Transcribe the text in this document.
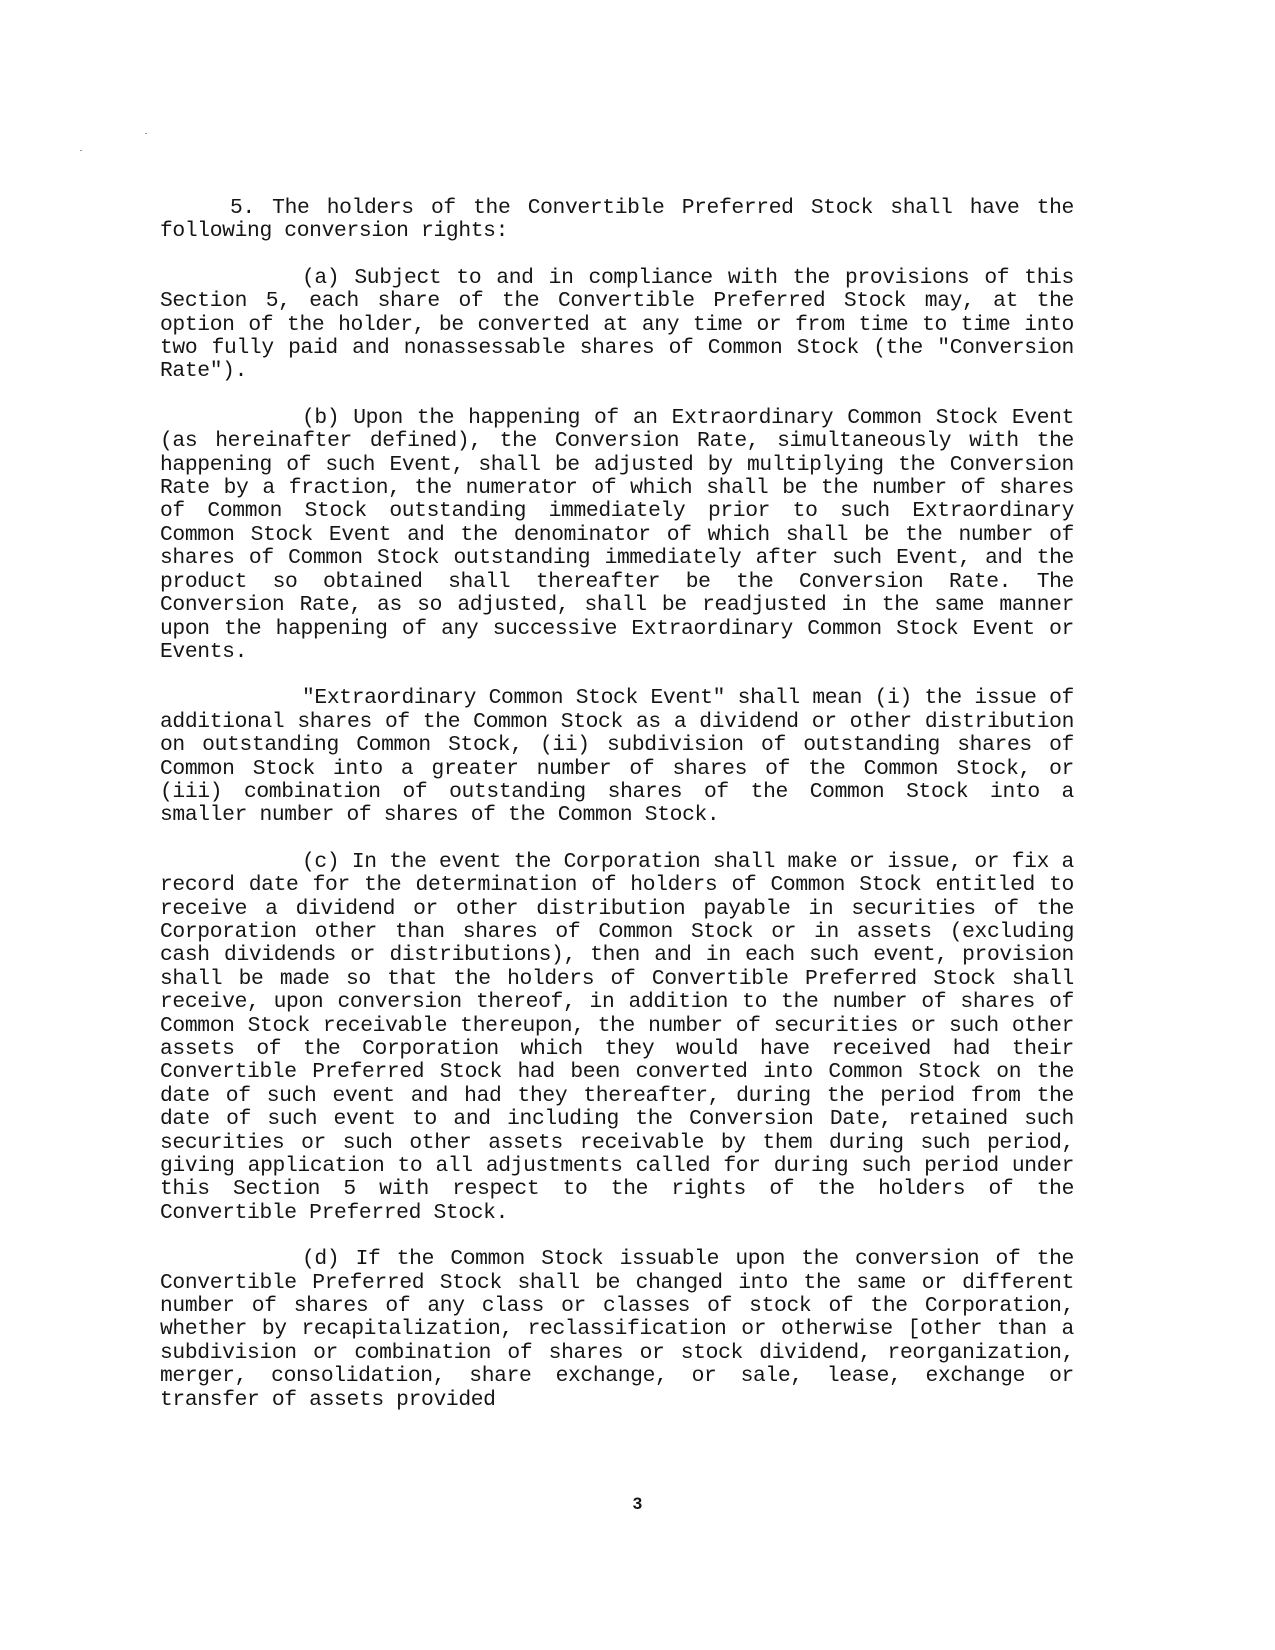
5. The holders of the Convertible Preferred Stock shall have the following conversion rights:

(a) Subject to and in compliance with the provisions of this Section 5, each share of the Convertible Preferred Stock may, at the option of the holder, be converted at any time or from time to time into two fully paid and nonassessable shares of Common Stock (the "Conversion Rate").

(b) Upon the happening of an Extraordinary Common Stock Event (as hereinafter defined), the Conversion Rate, simultaneously with the happening of such Event, shall be adjusted by multiplying the Conversion Rate by a fraction, the numerator of which shall be the number of shares of Common Stock outstanding immediately prior to such Extraordinary Common Stock Event and the denominator of which shall be the number of shares of Common Stock outstanding immediately after such Event, and the product so obtained shall thereafter be the Conversion Rate. The Conversion Rate, as so adjusted, shall be readjusted in the same manner upon the happening of any successive Extraordinary Common Stock Event or Events.

"Extraordinary Common Stock Event" shall mean (i) the issue of additional shares of the Common Stock as a dividend or other distribution on outstanding Common Stock, (ii) subdivision of outstanding shares of Common Stock into a greater number of shares of the Common Stock, or (iii) combination of outstanding shares of the Common Stock into a smaller number of shares of the Common Stock.

(c) In the event the Corporation shall make or issue, or fix a record date for the determination of holders of Common Stock entitled to receive a dividend or other distribution payable in securities of the Corporation other than shares of Common Stock or in assets (excluding cash dividends or distributions), then and in each such event, provision shall be made so that the holders of Convertible Preferred Stock shall receive, upon conversion thereof, in addition to the number of shares of Common Stock receivable thereupon, the number of securities or such other assets of the Corporation which they would have received had their Convertible Preferred Stock had been converted into Common Stock on the date of such event and had they thereafter, during the period from the date of such event to and including the Conversion Date, retained such securities or such other assets receivable by them during such period, giving application to all adjustments called for during such period under this Section 5 with respect to the rights of the holders of the Convertible Preferred Stock.

(d) If the Common Stock issuable upon the conversion of the Convertible Preferred Stock shall be changed into the same or different number of shares of any class or classes of stock of the Corporation, whether by recapitalization, reclassification or otherwise [other than a subdivision or combination of shares or stock dividend, reorganization, merger, consolidation, share exchange, or sale, lease, exchange or transfer of assets provided

3
